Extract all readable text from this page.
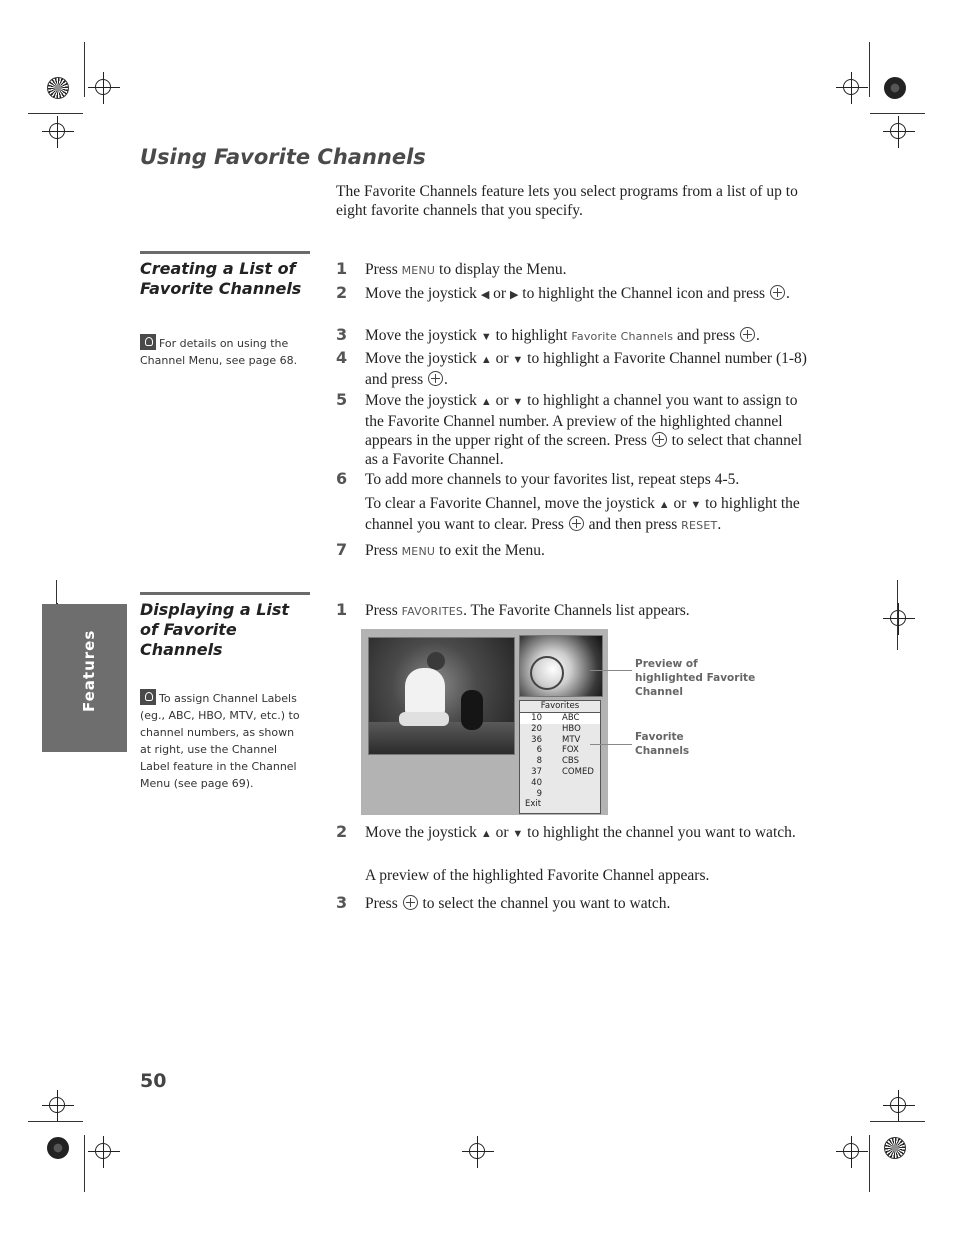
Using Favorite Channels
The Favorite Channels feature lets you select programs from a list of up to eight favorite channels that you specify.
Creating a List of
Favorite Channels
For details on using the Channel Menu, see page 68.
1	Press MENU to display the Menu.
2	Move the joystick ◀ or ▶ to highlight the Channel icon and press .
3	Move the joystick ▼ to highlight Favorite Channels and press .
4	Move the joystick ▲ or ▼ to highlight a Favorite Channel number (1-8) and press .
5	Move the joystick ▲ or ▼ to highlight a channel you want to assign to the Favorite Channel number. A preview of the highlighted channel appears in the upper right of the screen. Press  to select that channel as a Favorite Channel.
6	To add more channels to your favorites list, repeat steps 4-5.
To clear a Favorite Channel, move the joystick ▲ or ▼ to highlight the channel you want to clear. Press  and then press RESET.
7	Press MENU to exit the Menu.
Features
Displaying a List
of Favorite
Channels
To assign Channel Labels (eg., ABC, HBO, MTV, etc.) to channel numbers, as shown at right, use the Channel Label feature in the Channel Menu (see page 69).
1	Press FAVORITES. The Favorite Channels list appears.
Favorites
10 ABC
20 HBO
36 MTV
6 FOX
8 CBS
37 COMED
40
9
Exit
Preview of
highlighted Favorite
Channel
Favorite
Channels
2	Move the joystick ▲ or ▼ to highlight the channel you want to watch.
A preview of the highlighted Favorite Channel appears.
3	Press  to select the channel you want to watch.
50
